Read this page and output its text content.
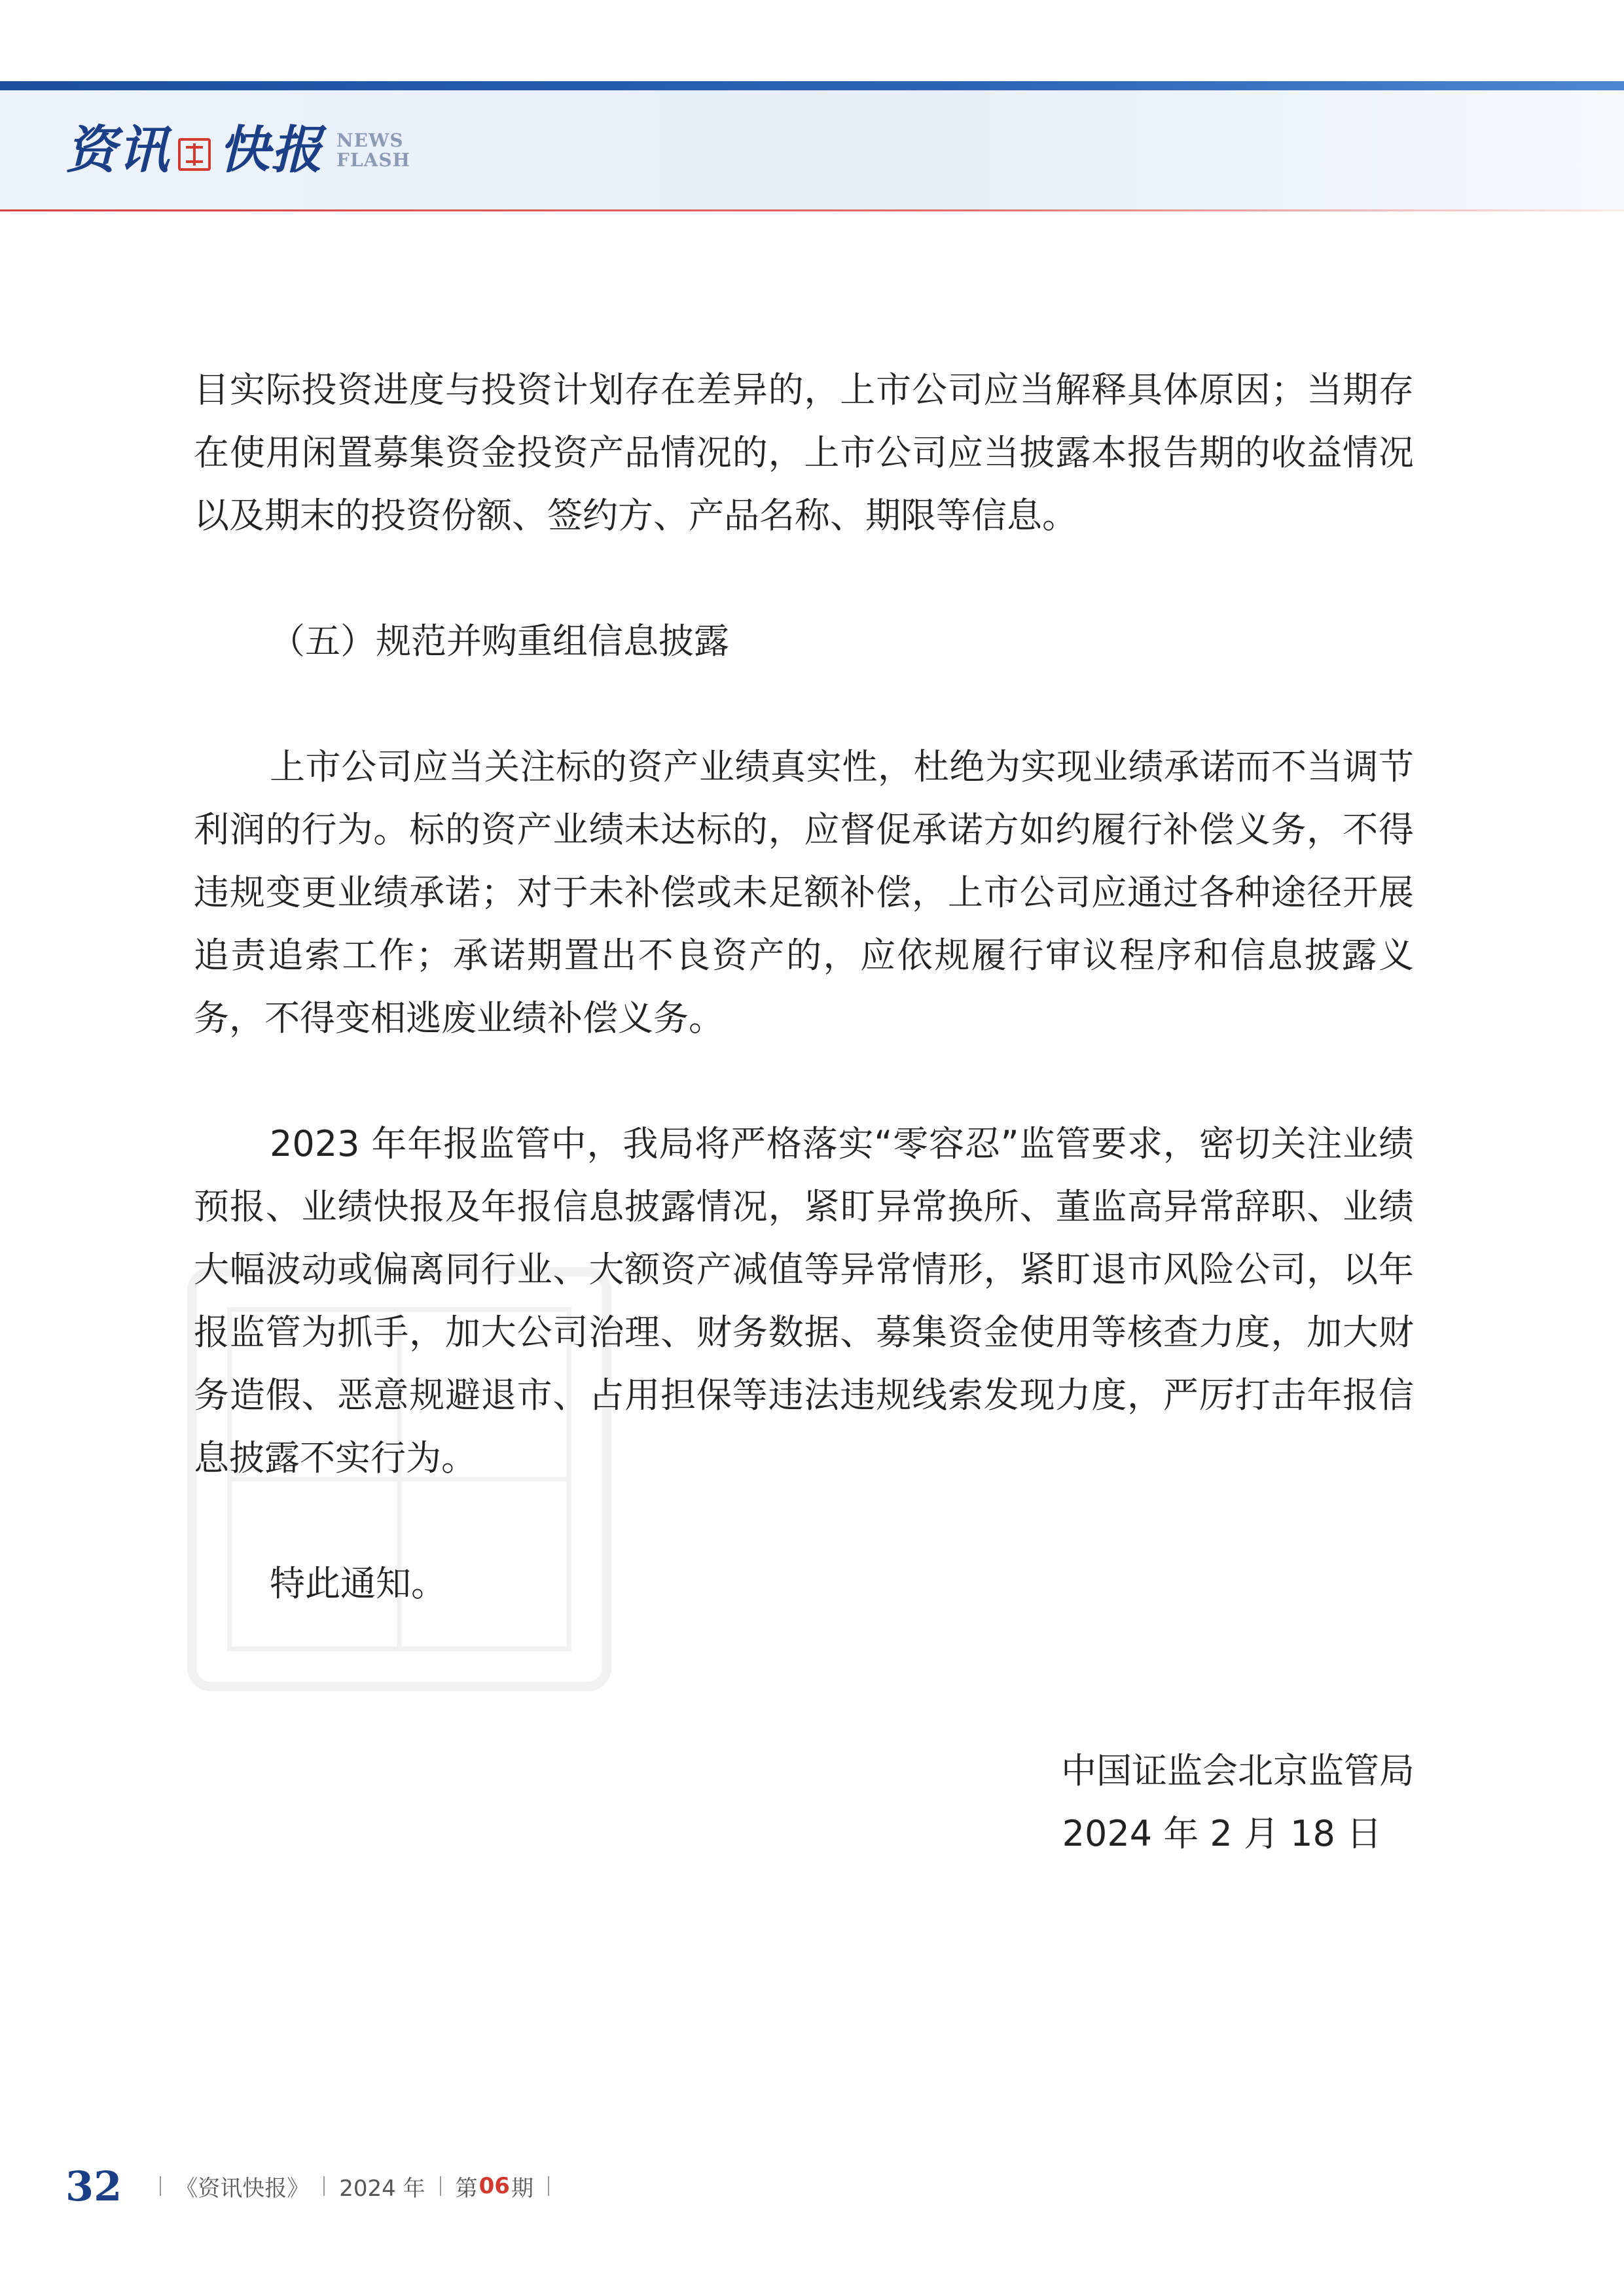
资讯 快报 NEWS
FLASH

目实际投资进度与投资计划存在差异的，上市公司应当解释具体原因；当期存在使用闲置募集资金投资产品情况的，上市公司应当披露本报告期的收益情况以及期末的投资份额、签约方、产品名称、期限等信息。

（五）规范并购重组信息披露

上市公司应当关注标的资产业绩真实性，杜绝为实现业绩承诺而不当调节利润的行为。标的资产业绩未达标的，应督促承诺方如约履行补偿义务，不得违规变更业绩承诺；对于未补偿或未足额补偿，上市公司应通过各种途径开展追责追索工作；承诺期置出不良资产的，应依规履行审议程序和信息披露义务，不得变相逃废业绩补偿义务。

2023 年年报监管中，我局将严格落实“零容忍”监管要求，密切关注业绩预报、业绩快报及年报信息披露情况，紧盯异常换所、董监高异常辞职、业绩大幅波动或偏离同行业、大额资产减值等异常情形，紧盯退市风险公司，以年报监管为抓手，加大公司治理、财务数据、募集资金使用等核查力度，加大财务造假、恶意规避退市、占用担保等违法违规线索发现力度，严厉打击年报信息披露不实行为。

特此通知。

中国证监会北京监管局
2024 年 2 月 18 日
32 《资讯快报》 2024 年 第 06 期
